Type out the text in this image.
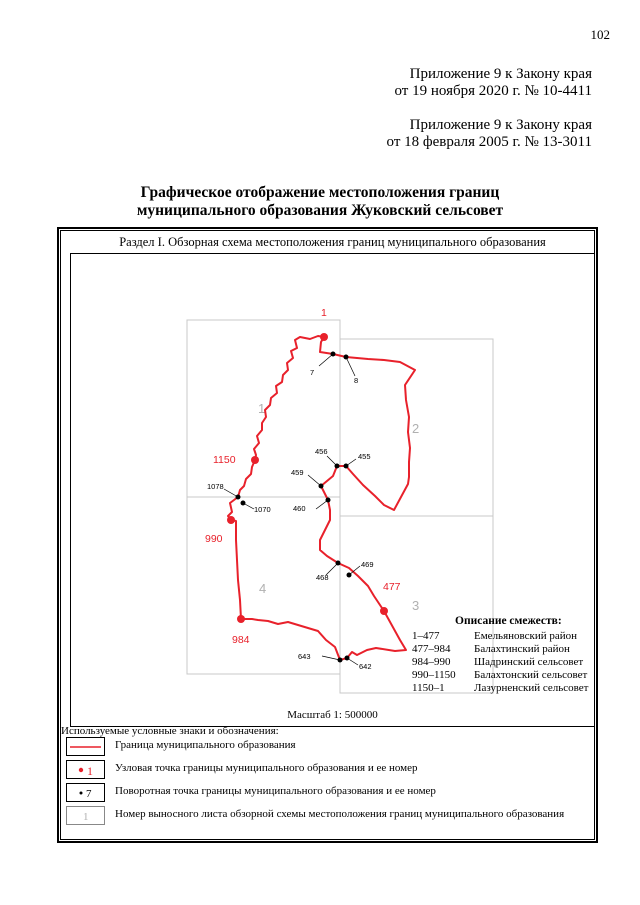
102
Приложение 9 к Закону края
от 19 ноября 2020 г. № 10-4411
Приложение 9 к Закону края
от 18 февраля 2005 г. № 13-3011
Графическое отображение местоположения границ
муниципального образования Жуковский сельсовет
Раздел I. Обзорная схема местоположения границ муниципального образования
1
2
3
4
7
8
456
455
459
460
1078
1070
469
468
643
642
1
1150
990
984
477
Описание смежеств:
1–477	Емельяновский район
477–984 Балахтинский район
984–990 Шадринский сельсовет
990–1150 Балахтонский сельсовет
1150–1	Лазурненский сельсовет
Масштаб 1: 500000
Используемые условные знаки и обозначения:
Граница муниципального образования
1 Узловая точка границы муниципального образования и ее номер
7 Поворотная точка границы муниципального образования и ее номер
1 Номер выносного листа обзорной схемы местоположения границ муниципального образования
